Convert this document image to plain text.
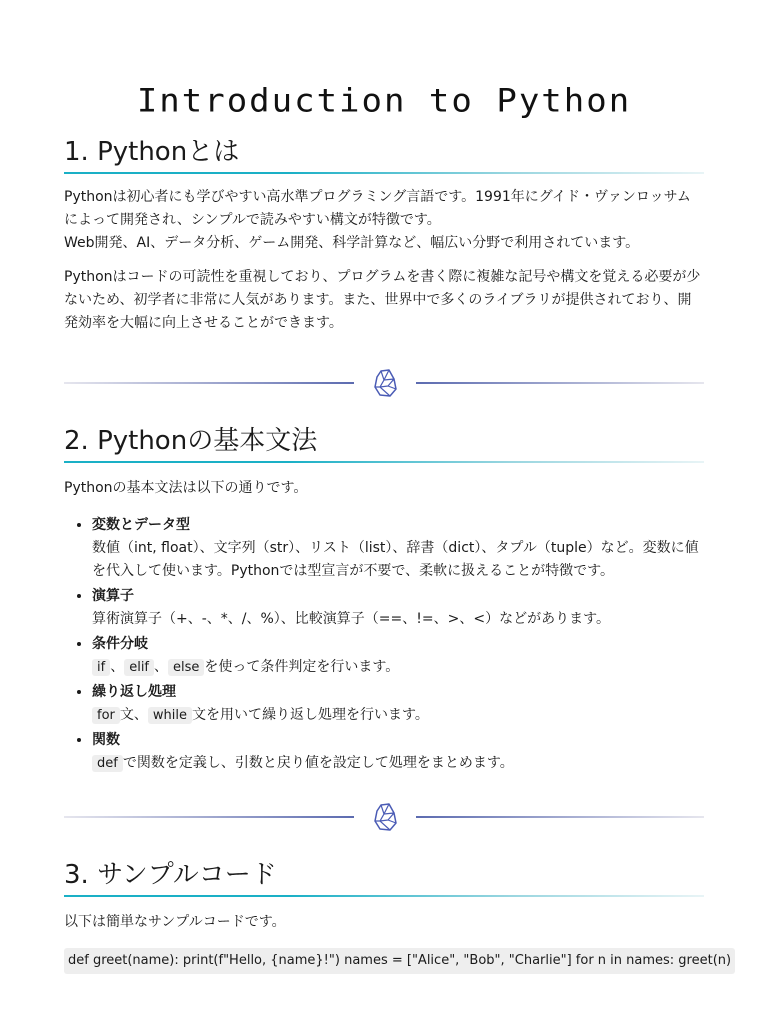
Introduction to Python
1. Pythonとは

Pythonは初心者にも学びやすい高水準プログラミング言語です。1991年にグイド・ヴァンロッサムによって開発され、シンプルで読みやすい構文が特徴です。
Web開発、AI、データ分析、ゲーム開発、科学計算など、幅広い分野で利用されています。

Pythonはコードの可読性を重視しており、プログラムを書く際に複雑な記号や構文を覚える必要が少ないため、初学者に非常に人気があります。また、世界中で多くのライブラリが提供されており、開発効率を大幅に向上させることができます。

2. Pythonの基本文法

Pythonの基本文法は以下の通りです。

• 変数とデータ型
数値（int, float）、文字列（str）、リスト（list）、辞書（dict）、タプル（tuple）など。変数に値を代入して使います。Pythonでは型宣言が不要で、柔軟に扱えることが特徴です。
• 演算子
算術演算子（+、-、*、/、%）、比較演算子（==、!=、>、<）などがあります。
• 条件分岐
if 、 elif 、 else を使って条件判定を行います。
• 繰り返し処理
for 文、 while 文を用いて繰り返し処理を行います。
• 関数
def で関数を定義し、引数と戻り値を設定して処理をまとめます。
3. サンプルコード

以下は簡単なサンプルコードです。

def greet(name): print(f"Hello, {name}!") names = ["Alice", "Bob", "Charlie"] for n in names: greet(n)
